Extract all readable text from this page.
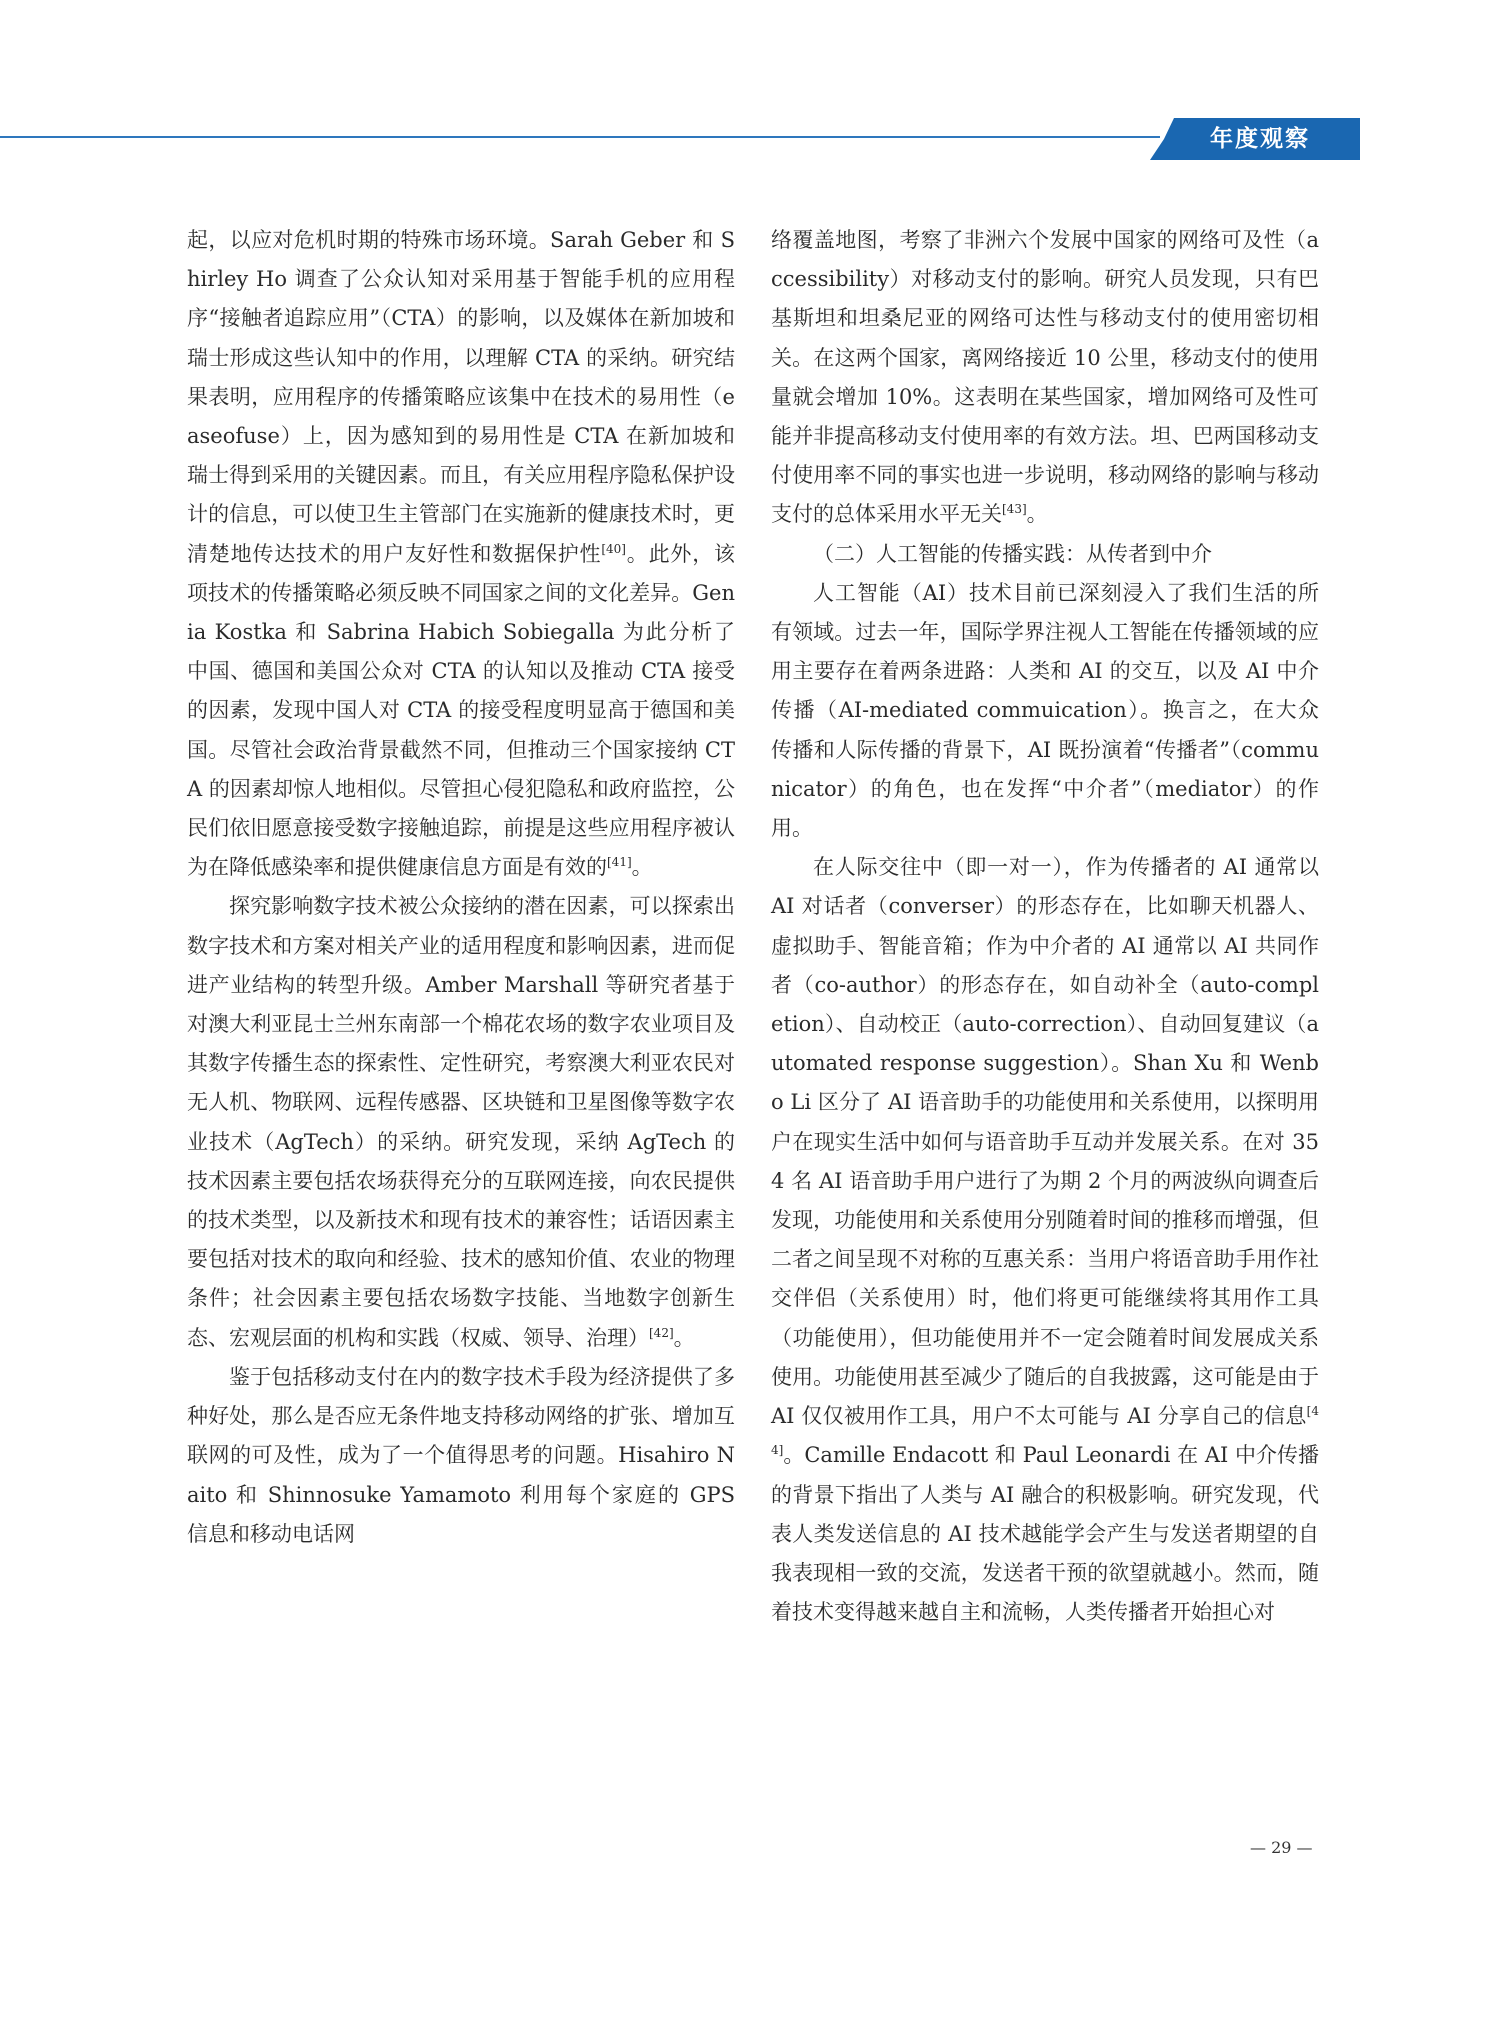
年度观察

起，以应对危机时期的特殊市场环境。Sarah Geber 和 Shirley Ho 调查了公众认知对采用基于智能手机的应用程序“接触者追踪应用”（CTA）的影响，以及媒体在新加坡和瑞士形成这些认知中的作用，以理解 CTA 的采纳。研究结果表明，应用程序的传播策略应该集中在技术的易用性（easeofuse）上，因为感知到的易用性是 CTA 在新加坡和瑞士得到采用的关键因素。而且，有关应用程序隐私保护设计的信息，可以使卫生主管部门在实施新的健康技术时，更清楚地传达技术的用户友好性和数据保护性[40]。此外，该项技术的传播策略必须反映不同国家之间的文化差异。Genia Kostka 和 Sabrina Habich Sobiegalla 为此分析了中国、德国和美国公众对 CTA 的认知以及推动 CTA 接受的因素，发现中国人对 CTA 的接受程度明显高于德国和美国。尽管社会政治背景截然不同，但推动三个国家接纳 CTA 的因素却惊人地相似。尽管担心侵犯隐私和政府监控，公民们依旧愿意接受数字接触追踪，前提是这些应用程序被认为在降低感染率和提供健康信息方面是有效的[41]。

探究影响数字技术被公众接纳的潜在因素，可以探索出数字技术和方案对相关产业的适用程度和影响因素，进而促进产业结构的转型升级。Amber Marshall 等研究者基于对澳大利亚昆士兰州东南部一个棉花农场的数字农业项目及其数字传播生态的探索性、定性研究，考察澳大利亚农民对无人机、物联网、远程传感器、区块链和卫星图像等数字农业技术（AgTech）的采纳。研究发现，采纳 AgTech 的技术因素主要包括农场获得充分的互联网连接，向农民提供的技术类型，以及新技术和现有技术的兼容性；话语因素主要包括对技术的取向和经验、技术的感知价值、农业的物理条件；社会因素主要包括农场数字技能、当地数字创新生态、宏观层面的机构和实践（权威、领导、治理）[42]。

鉴于包括移动支付在内的数字技术手段为经济提供了多种好处，那么是否应无条件地支持移动网络的扩张、增加互联网的可及性，成为了一个值得思考的问题。Hisahiro Naito 和 Shinnosuke Yamamoto 利用每个家庭的 GPS 信息和移动电话网

络覆盖地图，考察了非洲六个发展中国家的网络可及性（accessibility）对移动支付的影响。研究人员发现，只有巴基斯坦和坦桑尼亚的网络可达性与移动支付的使用密切相关。在这两个国家，离网络接近 10 公里，移动支付的使用量就会增加 10%。这表明在某些国家，增加网络可及性可能并非提高移动支付使用率的有效方法。坦、巴两国移动支付使用率不同的事实也进一步说明，移动网络的影响与移动支付的总体采用水平无关[43]。

（二）人工智能的传播实践：从传者到中介

人工智能（AI）技术目前已深刻浸入了我们生活的所有领域。过去一年，国际学界注视人工智能在传播领域的应用主要存在着两条进路：人类和 AI 的交互，以及 AI 中介传播（AI-mediated commuication）。换言之，在大众传播和人际传播的背景下，AI 既扮演着“传播者”（communicator）的角色，也在发挥“中介者”（mediator）的作用。

在人际交往中（即一对一），作为传播者的 AI 通常以 AI 对话者（converser）的形态存在，比如聊天机器人、虚拟助手、智能音箱；作为中介者的 AI 通常以 AI 共同作者（co-author）的形态存在，如自动补全（auto-completion）、自动校正（auto-correction）、自动回复建议（automated response suggestion）。Shan Xu 和 Wenbo Li 区分了 AI 语音助手的功能使用和关系使用，以探明用户在现实生活中如何与语音助手互动并发展关系。在对 354 名 AI 语音助手用户进行了为期 2 个月的两波纵向调查后发现，功能使用和关系使用分别随着时间的推移而增强，但二者之间呈现不对称的互惠关系：当用户将语音助手用作社交伴侣（关系使用）时，他们将更可能继续将其用作工具（功能使用），但功能使用并不一定会随着时间发展成关系使用。功能使用甚至减少了随后的自我披露，这可能是由于 AI 仅仅被用作工具，用户不太可能与 AI 分享自己的信息[44]。Camille Endacott 和 Paul Leonardi 在 AI 中介传播的背景下指出了人类与 AI 融合的积极影响。研究发现，代表人类发送信息的 AI 技术越能学会产生与发送者期望的自我表现相一致的交流，发送者干预的欲望就越小。然而，随着技术变得越来越自主和流畅，人类传播者开始担心对

— 29 —
